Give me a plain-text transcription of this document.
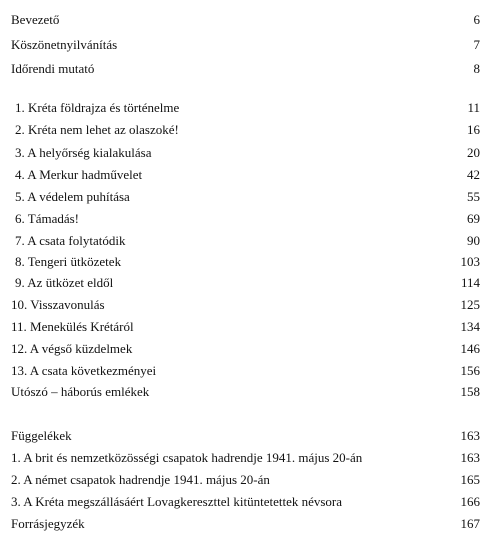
Bevezető	6
Köszönetnyilvánítás	7
Időrendi mutató	8
1. Kréta földrajza és történelme	11
2. Kréta nem lehet az olaszoké!	16
3. A helyőrség kialakulása	20
4. A Merkur hadművelet	42
5. A védelem puhítása	55
6. Támadás!	69
7. A csata folytatódik	90
8. Tengeri ütközetek	103
9. Az ütközet eldől	114
10. Visszavonulás	125
11. Menekülés Krétáról	134
12. A végső küzdelmek	146
13. A csata következményei	156
Utószó – háborús emlékek	158
Függelékek	163
1. A brit és nemzetközösségi csapatok hadrendje 1941. május 20-án	163
2. A német csapatok hadrendje 1941. május 20-án	165
3. A Kréta megszállásáért Lovagkereszttel kitüntetettek névsora	166
Forrásjegyzék	167
